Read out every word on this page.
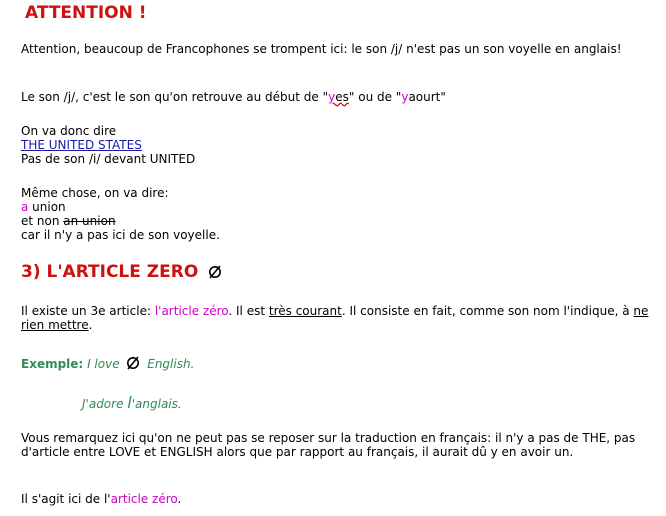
ATTENTION !
Attention, beaucoup de Francophones se trompent ici: le son /j/ n'est pas un son voyelle en anglais!
Le son /j/, c'est le son qu'on retrouve au début de "yes" ou de "yaourt"
On va donc dire
THE UNITED STATES
Pas de son /i/ devant UNITED
Même chose, on va dire:
a union
et non an union
car il n'y a pas ici de son voyelle.
3) L'ARTICLE ZERO
Il existe un 3e article: l'article zéro. Il est très courant. Il consiste en fait, comme son nom l'indique, à ne rien mettre.
Exemple: I love English.
J'adore l'anglais.
Vous remarquez ici qu'on ne peut pas se reposer sur la traduction en français: il n'y a pas de THE, pas d'article entre LOVE et ENGLISH alors que par rapport au français, il aurait dû y en avoir un.
Il s'agit ici de l'article zéro.
